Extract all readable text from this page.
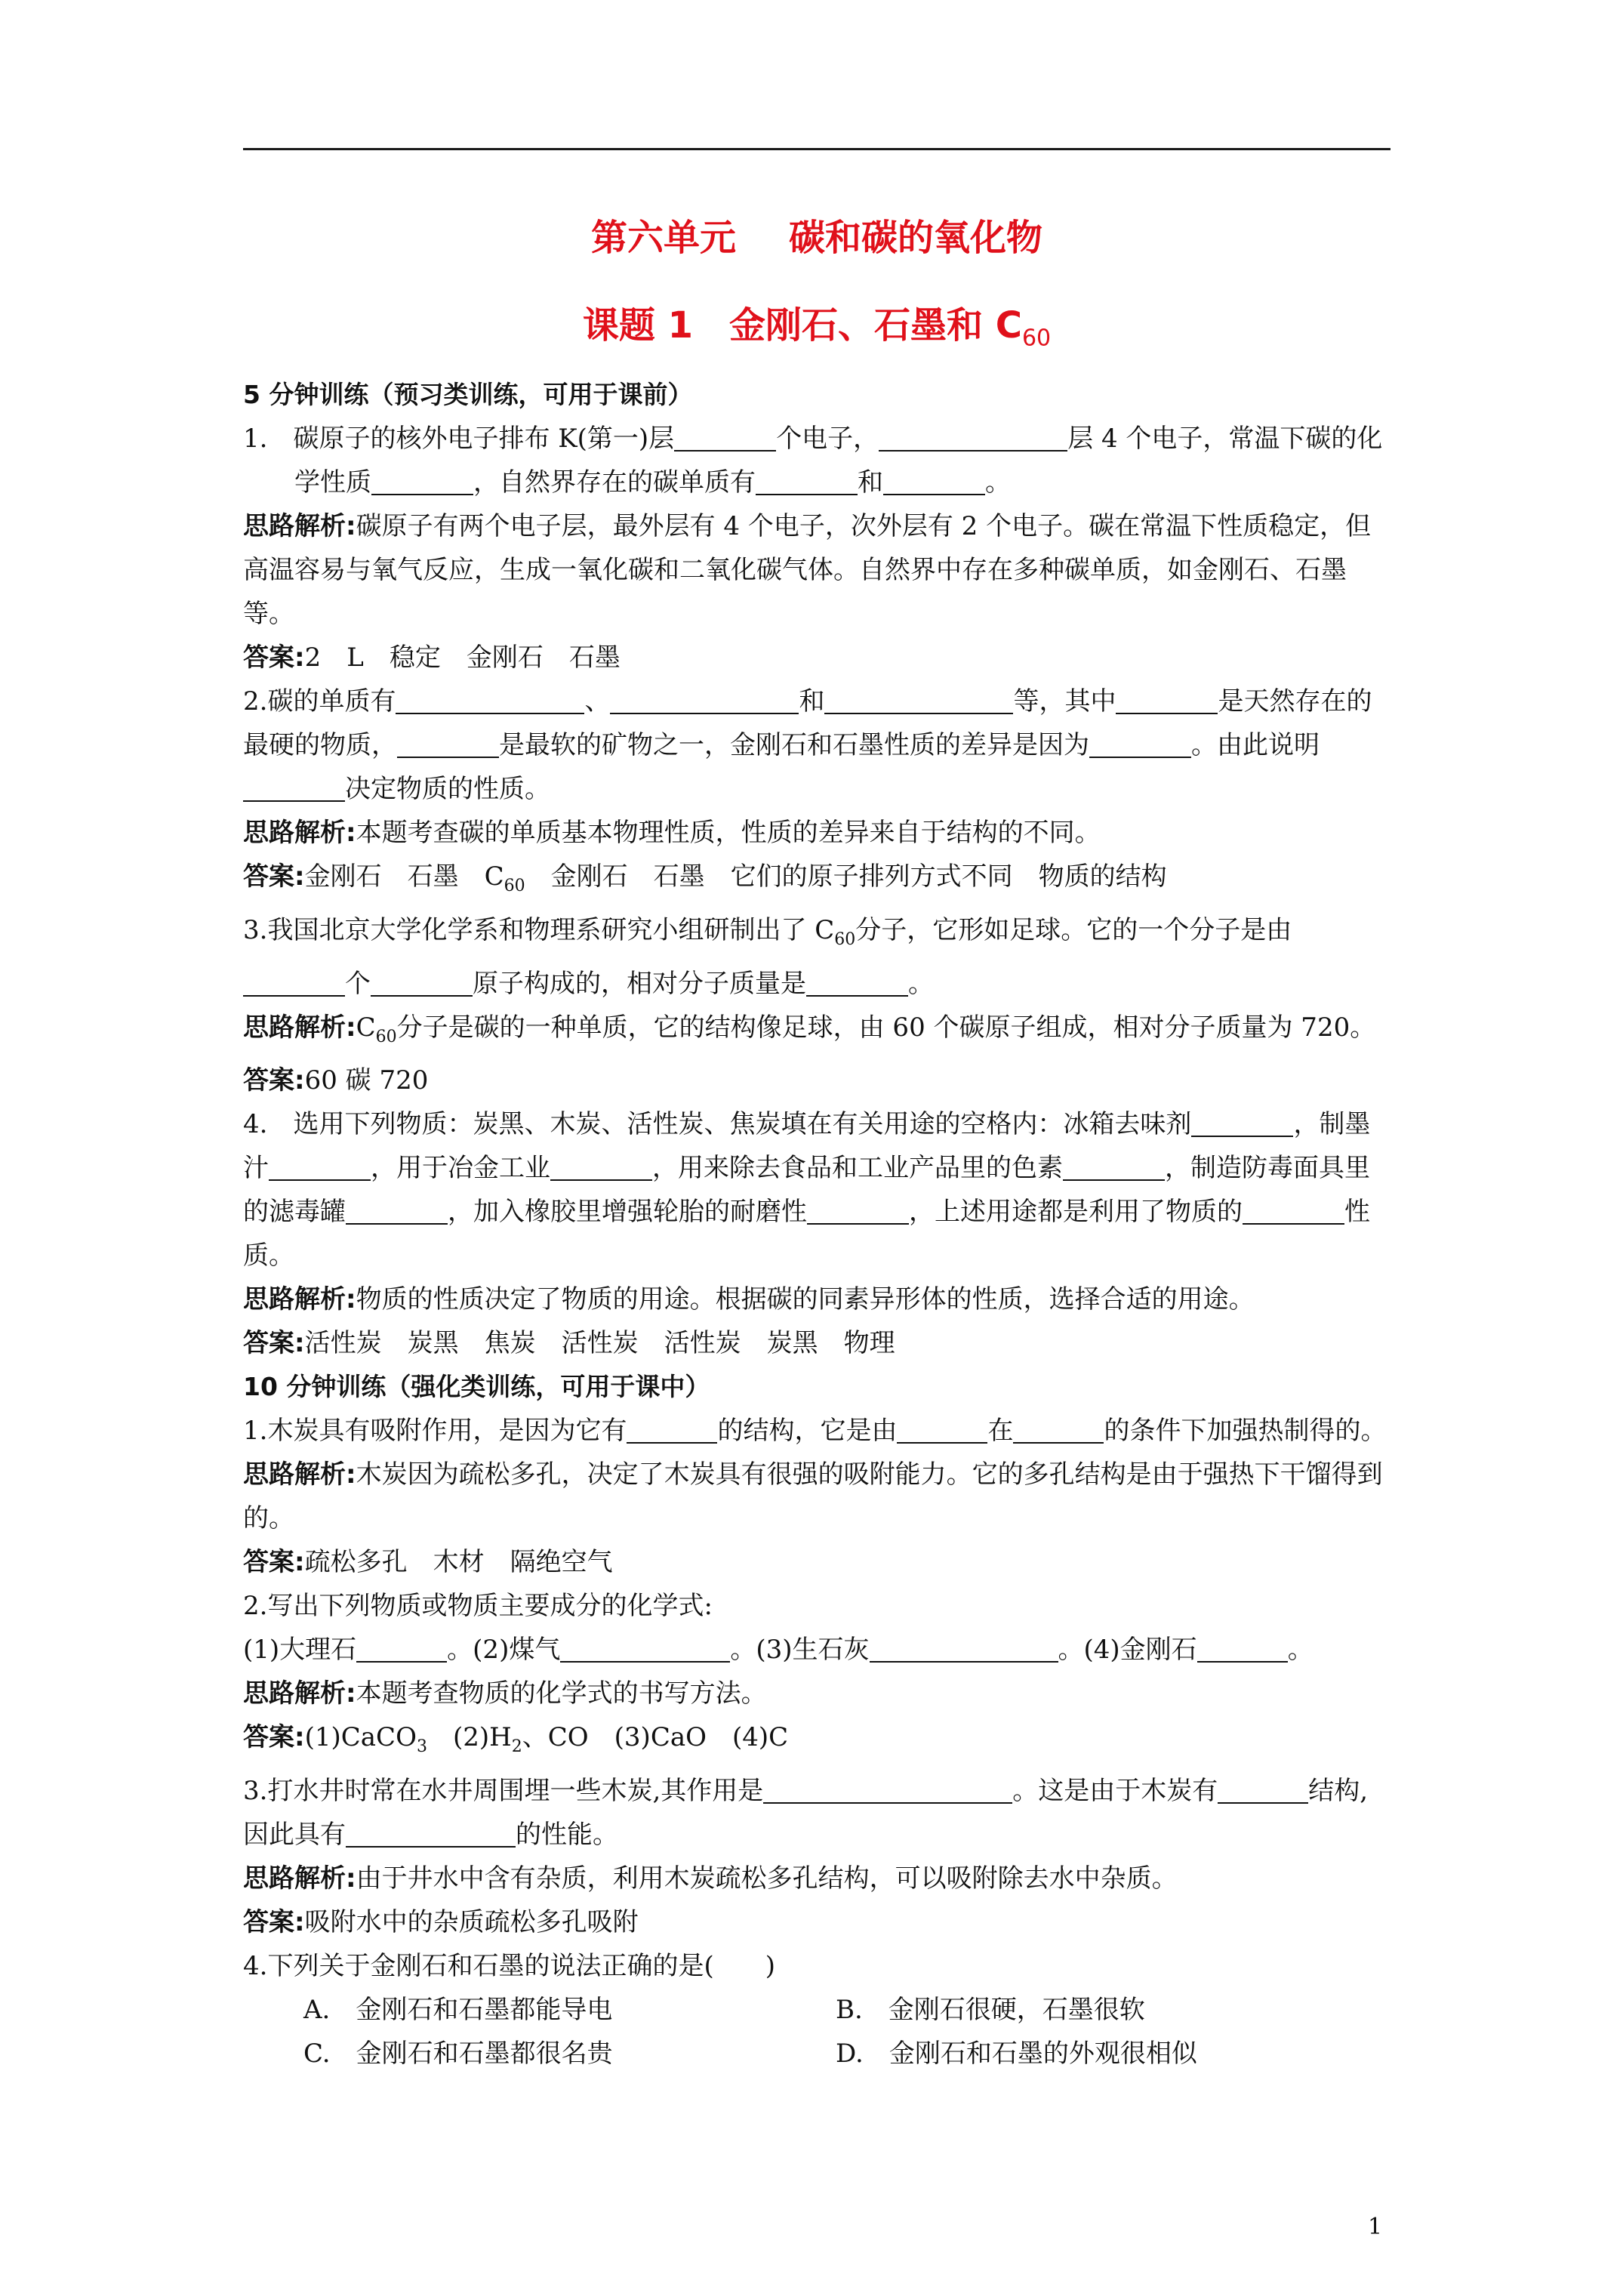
第六单元 碳和碳的氧化物
课题 1　金刚石、石墨和 $C_{60}$

5 分钟训练（预习类训练，可用于课前）

1.　碳原子的核外电子排布 K(第一)层	个电子，	层 4 个电子，常温下碳的化学性质	，自然界存在的碳单质有	和	。

思路解析:碳原子有两个电子层，最外层有 4 个电子，次外层有 2 个电子。碳在常温下性质稳定，但高温容易与氧气反应，生成一氧化碳和二氧化碳气体。自然界中存在多种碳单质，如金刚石、石墨等。

答案:2　L　稳定　金刚石　石墨

2.碳的单质有	、	和	等，其中	是天然存在的最硬的物质，	是最软的矿物之一，金刚石和石墨性质的差异是因为	。由此说明决定物质的性质。

思路解析:本题考查碳的单质基本物理性质，性质的差异来自于结构的不同。

答案:金刚石　石墨　$C_{60}$　金刚石　石墨　它们的原子排列方式不同　物质的结构

3.我国北京大学化学系和物理系研究小组研制出了 $C_{60}$分子，它形如足球。它的一个分子是由个	原子构成的，相对分子质量是	。

思路解析$:C_{60}$分子是碳的一种单质，它的结构像足球，由 60 个碳原子组成，相对分子质量为 720。

答案:60 碳 720

4.　选用下列物质：炭黑、木炭、活性炭、焦炭填在有关用途的空格内：冰箱去味剂	，制墨汁	，用于冶金工业	，用来除去食品和工业产品里的色素	，制造防毒面具里的滤毒罐	，加入橡胶里增强轮胎的耐磨性	，上述用途都是利用了物质的	性质。

思路解析:物质的性质决定了物质的用途。根据碳的同素异形体的性质，选择合适的用途。

答案:活性炭　炭黑　焦炭　活性炭　活性炭　炭黑　物理

10 分钟训练（强化类训练，可用于课中）

1.木炭具有吸附作用，是因为它有	的结构，它是由	在	的条件下加强热制得的。

思路解析:木炭因为疏松多孔，决定了木炭具有很强的吸附能力。它的多孔结构是由于强热下干馏得到的。

答案:疏松多孔　木材　隔绝空气

2.写出下列物质或物质主要成分的化学式:

(1)大理石	。(2)煤气	。(3)生石灰	。(4)金刚石	。

思路解析:本题考查物质的化学式的书写方法。

答案:(1)CaCO$_3$　$(2)H_2$、CO　(3)CaO　(4)C

3.打水井时常在水井周围埋一些木炭,其作用是	。这是由于木炭有	结构,因此具有	的性能。

思路解析:由于井水中含有杂质，利用木炭疏松多孔结构，可以吸附除去水中杂质。

答案:吸附水中的杂质疏松多孔吸附

4.下列关于金刚石和石墨的说法正确的是(　　)

A.　金刚石和石墨都能导电	B.　金刚石很硬，石墨很软
C.　金刚石和石墨都很名贵	D.　金刚石和石墨的外观很相似
1
